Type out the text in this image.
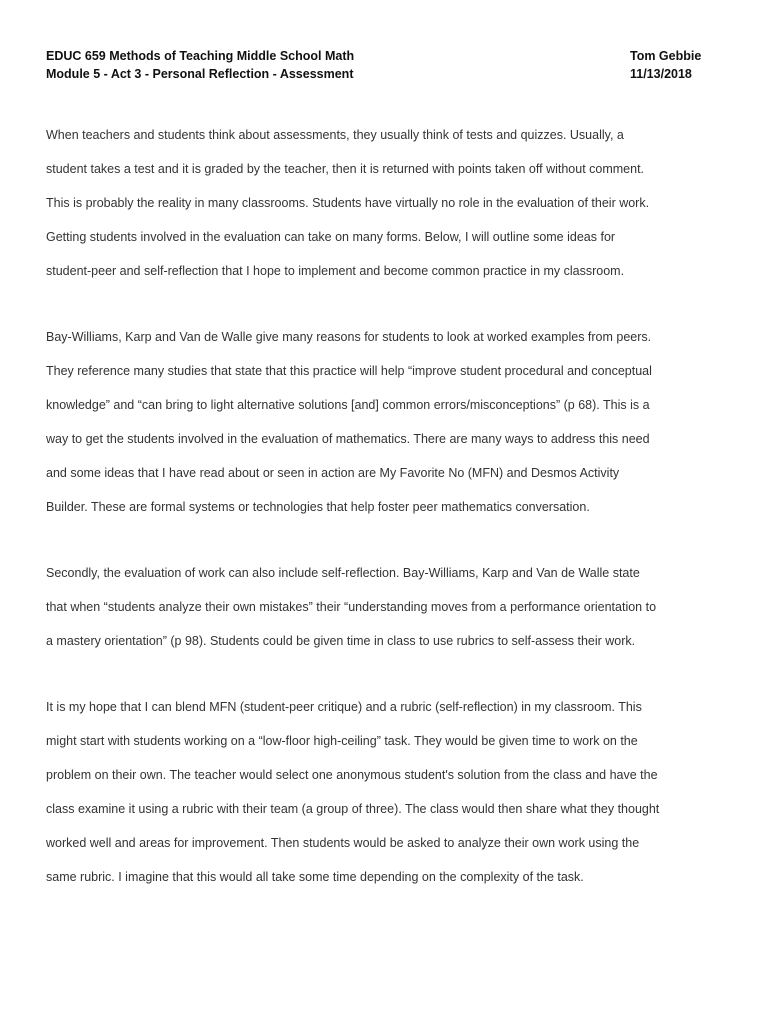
EDUC 659 Methods of Teaching Middle School Math	Tom Gebbie
Module 5 - Act 3 - Personal Reflection - Assessment	11/13/2018

When teachers and students think about assessments, they usually think of tests and quizzes. Usually, a

student takes a test and it is graded by the teacher, then it is returned with points taken off without comment.

This is probably the reality in many classrooms. Students have virtually no role in the evaluation of their work.

Getting students involved in the evaluation can take on many forms. Below, I will outline some ideas for

student-peer and self-reflection that I hope to implement and become common practice in my classroom.

Bay-Williams, Karp and Van de Walle give many reasons for students to look at worked examples from peers.

They reference many studies that state that this practice will help “improve student procedural and conceptual

knowledge” and “can bring to light alternative solutions [and] common errors/misconceptions” (p 68). This is a

way to get the students involved in the evaluation of mathematics. There are many ways to address this need

and some ideas that I have read about or seen in action are My Favorite No (MFN) and Desmos Activity

Builder. These are formal systems or technologies that help foster peer mathematics conversation.

Secondly, the evaluation of work can also include self-reflection. Bay-Williams, Karp and Van de Walle state

that when “students analyze their own mistakes” their “understanding moves from a performance orientation to

a mastery orientation” (p 98). Students could be given time in class to use rubrics to self-assess their work.

It is my hope that I can blend MFN (student-peer critique) and a rubric (self-reflection) in my classroom. This

might start with students working on a “low-floor high-ceiling” task. They would be given time to work on the

problem on their own. The teacher would select one anonymous student's solution from the class and have the

class examine it using a rubric with their team (a group of three). The class would then share what they thought

worked well and areas for improvement. Then students would be asked to analyze their own work using the

same rubric. I imagine that this would all take some time depending on the complexity of the task.
